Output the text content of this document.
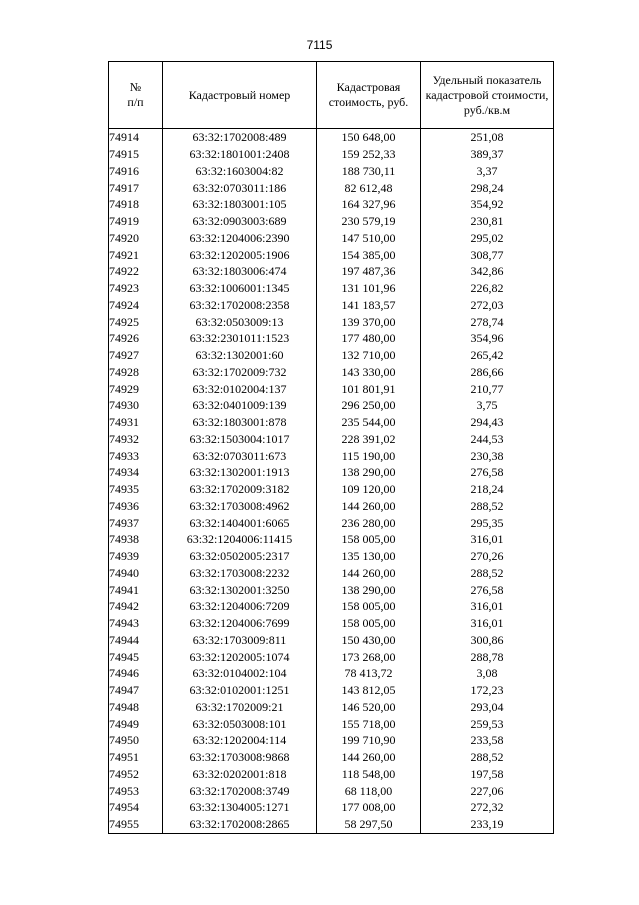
7115
№
п/п	Кадастровый номер	Кадастровая стоимость, руб.	Удельный показатель кадастровой стоимости, руб./кв.м
74914	63:32:1702008:489	150 648,00	251,08
74915	63:32:1801001:2408	159 252,33	389,37
74916	63:32:1603004:82	188 730,11	3,37
74917	63:32:0703011:186	82 612,48	298,24
74918	63:32:1803001:105	164 327,96	354,92
74919	63:32:0903003:689	230 579,19	230,81
74920	63:32:1204006:2390	147 510,00	295,02
74921	63:32:1202005:1906	154 385,00	308,77
74922	63:32:1803006:474	197 487,36	342,86
74923	63:32:1006001:1345	131 101,96	226,82
74924	63:32:1702008:2358	141 183,57	272,03
74925	63:32:0503009:13	139 370,00	278,74
74926	63:32:2301011:1523	177 480,00	354,96
74927	63:32:1302001:60	132 710,00	265,42
74928	63:32:1702009:732	143 330,00	286,66
74929	63:32:0102004:137	101 801,91	210,77
74930	63:32:0401009:139	296 250,00	3,75
74931	63:32:1803001:878	235 544,00	294,43
74932	63:32:1503004:1017	228 391,02	244,53
74933	63:32:0703011:673	115 190,00	230,38
74934	63:32:1302001:1913	138 290,00	276,58
74935	63:32:1702009:3182	109 120,00	218,24
74936	63:32:1703008:4962	144 260,00	288,52
74937	63:32:1404001:6065	236 280,00	295,35
74938	63:32:1204006:11415	158 005,00	316,01
74939	63:32:0502005:2317	135 130,00	270,26
74940	63:32:1703008:2232	144 260,00	288,52
74941	63:32:1302001:3250	138 290,00	276,58
74942	63:32:1204006:7209	158 005,00	316,01
74943	63:32:1204006:7699	158 005,00	316,01
74944	63:32:1703009:811	150 430,00	300,86
74945	63:32:1202005:1074	173 268,00	288,78
74946	63:32:0104002:104	78 413,72	3,08
74947	63:32:0102001:1251	143 812,05	172,23
74948	63:32:1702009:21	146 520,00	293,04
74949	63:32:0503008:101	155 718,00	259,53
74950	63:32:1202004:114	199 710,90	233,58
74951	63:32:1703008:9868	144 260,00	288,52
74952	63:32:0202001:818	118 548,00	197,58
74953	63:32:1702008:3749	68 118,00	227,06
74954	63:32:1304005:1271	177 008,00	272,32
74955	63:32:1702008:2865	58 297,50	233,19
